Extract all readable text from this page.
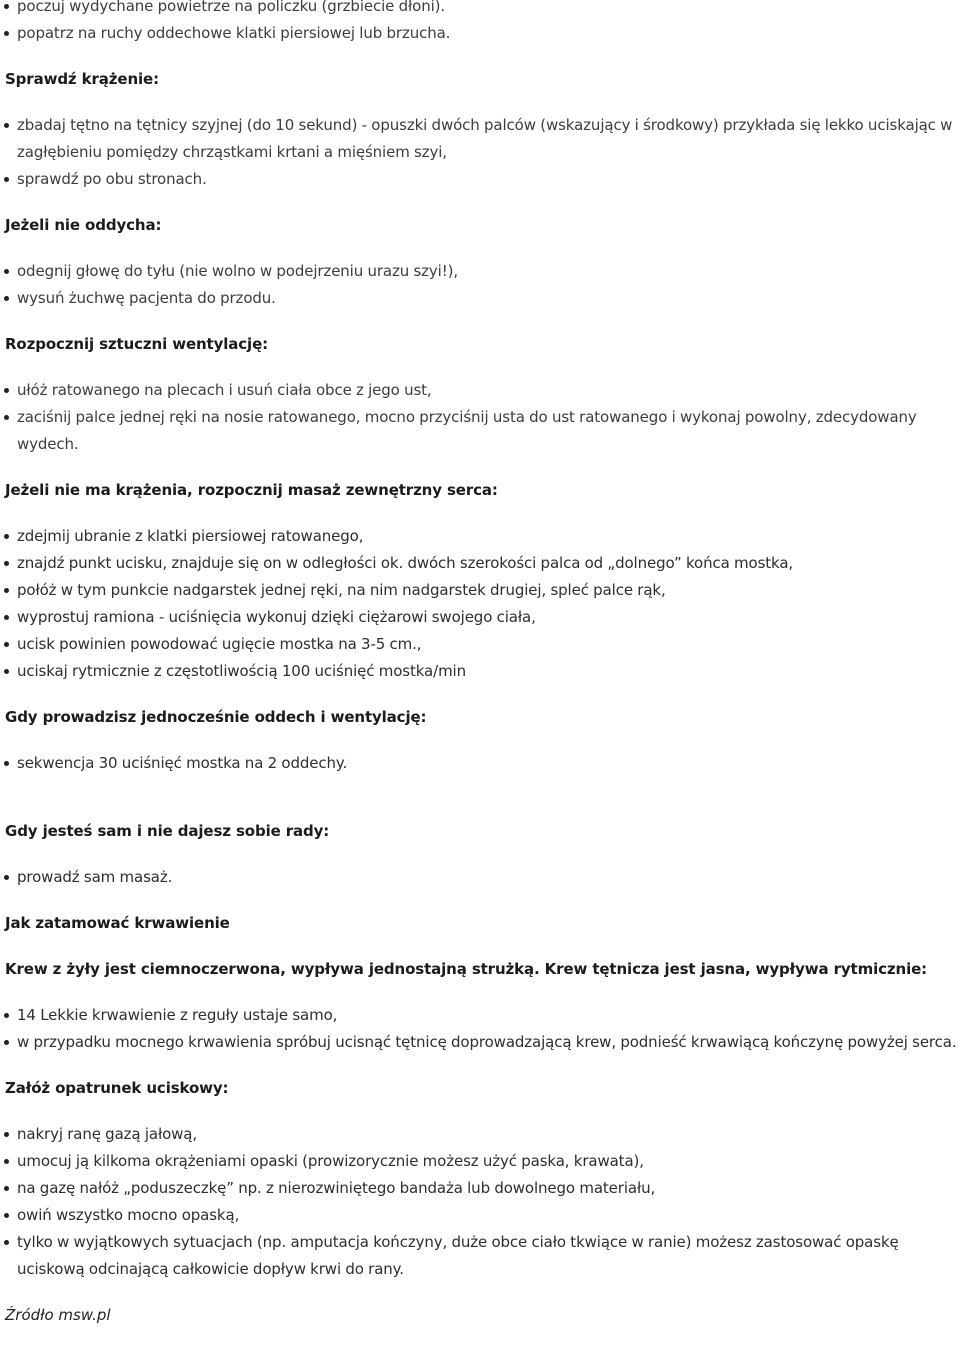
poczuj wydychane powietrze na policzku (grzbiecie dłoni).
popatrz na ruchy oddechowe klatki piersiowej lub brzucha.
Sprawdź krążenie:
zbadaj tętno na tętnicy szyjnej (do 10 sekund) - opuszki dwóch palców (wskazujący i środkowy) przykłada się lekko uciskając w zagłębieniu pomiędzy chrząstkami krtani a mięśniem szyi,
sprawdź po obu stronach.
Jeżeli nie oddycha:
odegnij głowę do tyłu (nie wolno w podejrzeniu urazu szyi!),
wysuń żuchwę pacjenta do przodu.
Rozpocznij sztuczni wentylację:
ułóż ratowanego na plecach i usuń ciała obce z jego ust,
zaciśnij palce jednej ręki na nosie ratowanego, mocno przyciśnij usta do ust ratowanego i wykonaj powolny, zdecydowany wydech.
Jeżeli nie ma krążenia, rozpocznij masaż zewnętrzny serca:
zdejmij ubranie z klatki piersiowej ratowanego,
znajdź punkt ucisku, znajduje się on w odległości ok. dwóch szerokości palca od „dolnego” końca mostka,
połóż w tym punkcie nadgarstek jednej ręki, na nim nadgarstek drugiej, spleć palce rąk,
wyprostuj ramiona - uciśnięcia wykonuj dzięki ciężarowi swojego ciała,
ucisk powinien powodować ugięcie mostka na 3-5 cm.,
uciskaj rytmicznie z częstotliwością 100 uciśnięć mostka/min
Gdy prowadzisz jednocześnie oddech i wentylację:
sekwencja 30 uciśnięć mostka na 2 oddechy.
Gdy jesteś sam i nie dajesz sobie rady:
prowadź sam masaż.
Jak zatamować krwawienie
Krew z żyły jest ciemnoczerwona, wypływa jednostajną strużką. Krew tętnicza jest jasna, wypływa rytmicznie:
14 Lekkie krwawienie z reguły ustaje samo,
w przypadku mocnego krwawienia spróbuj ucisnąć tętnicę doprowadzającą krew, podnieść krwawiącą kończynę powyżej serca.
Załóż opatrunek uciskowy:
nakryj ranę gazą jałową,
umocuj ją kilkoma okrążeniami opaski (prowizorycznie możesz użyć paska, krawata),
na gazę nałóż „poduszeczkę” np. z nierozwiniętego bandaża lub dowolnego materiału,
owiń wszystko mocno opaską,
tylko w wyjątkowych sytuacjach (np. amputacja kończyny, duże obce ciało tkwiące w ranie) możesz zastosować opaskę uciskową odcinającą całkowicie dopływ krwi do rany.
Źródło msw.pl
